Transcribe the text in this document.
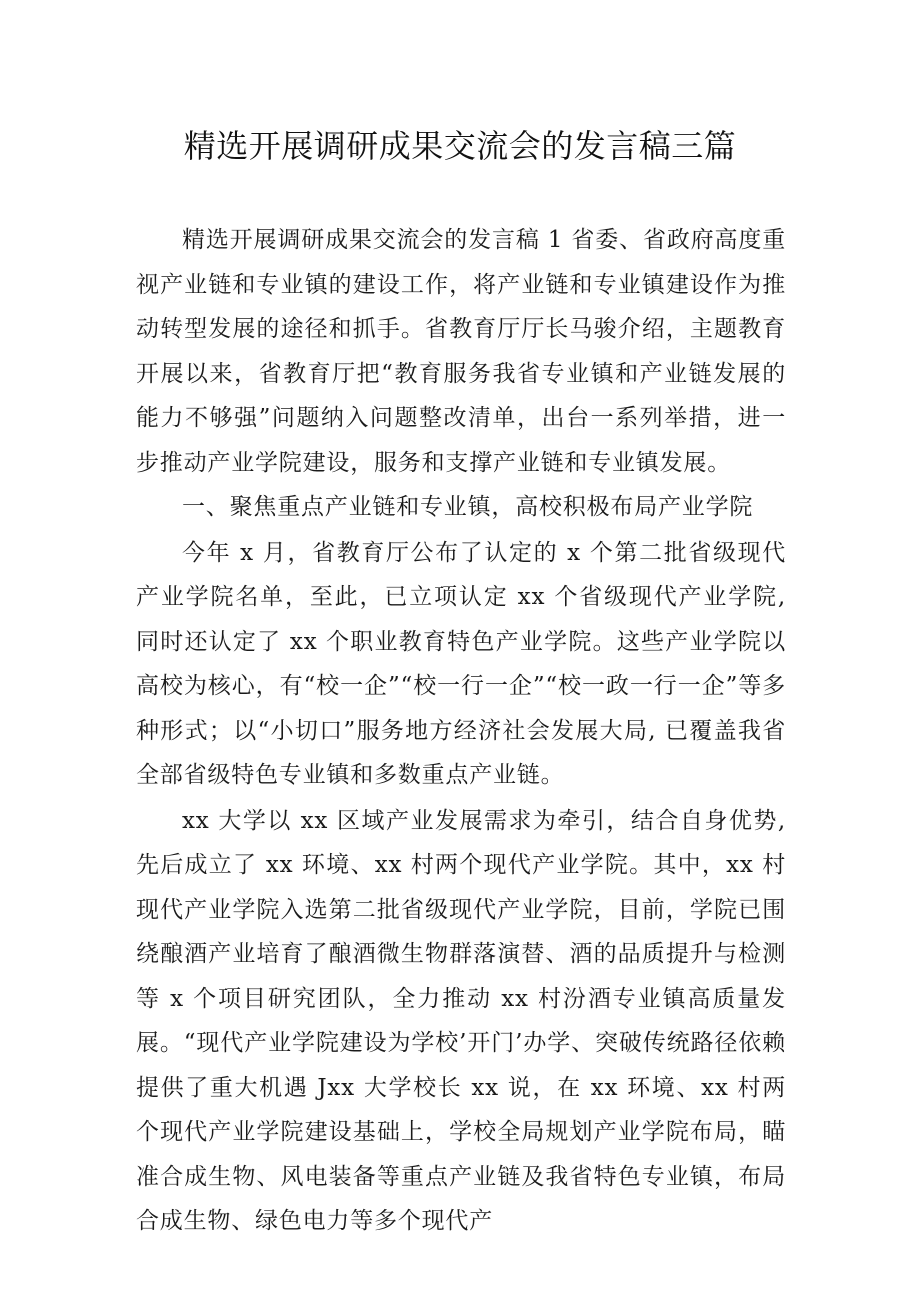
精选开展调研成果交流会的发言稿三篇

精选开展调研成果交流会的发言稿 1 省委、省政府高度重视产业链和专业镇的建设工作，将产业链和专业镇建设作为推动转型发展的途径和抓手。省教育厅厅长马骏介绍，主题教育开展以来，省教育厅把“教育服务我省专业镇和产业链发展的能力不够强”问题纳入问题整改清单，出台一系列举措，进一步推动产业学院建设，服务和支撑产业链和专业镇发展。

一、聚焦重点产业链和专业镇，高校积极布局产业学院

今年 x 月，省教育厅公布了认定的 x 个第二批省级现代产业学院名单，至此，已立项认定 xx 个省级现代产业学院, 同时还认定了 xx 个职业教育特色产业学院。这些产业学院以高校为核心，有“校一企”“校一行一企”“校一政一行一企”等多种形式；以“小切口”服务地方经济社会发展大局, 已覆盖我省全部省级特色专业镇和多数重点产业链。

xx 大学以 xx 区域产业发展需求为牵引，结合自身优势, 先后成立了 xx 环境、xx 村两个现代产业学院。其中，xx 村现代产业学院入选第二批省级现代产业学院，目前，学院已围绕酿酒产业培育了酿酒微生物群落演替、酒的品质提升与检测等 x 个项目研究团队，全力推动 xx 村汾酒专业镇高质量发展。“现代产业学院建设为学校’开门’办学、突破传统路径依赖提供了重大机遇 Jxx 大学校长 xx 说，在 xx 环境、xx 村两个现代产业学院建设基础上，学校全局规划产业学院布局，瞄准合成生物、风电装备等重点产业链及我省特色专业镇，布局合成生物、绿色电力等多个现代产
